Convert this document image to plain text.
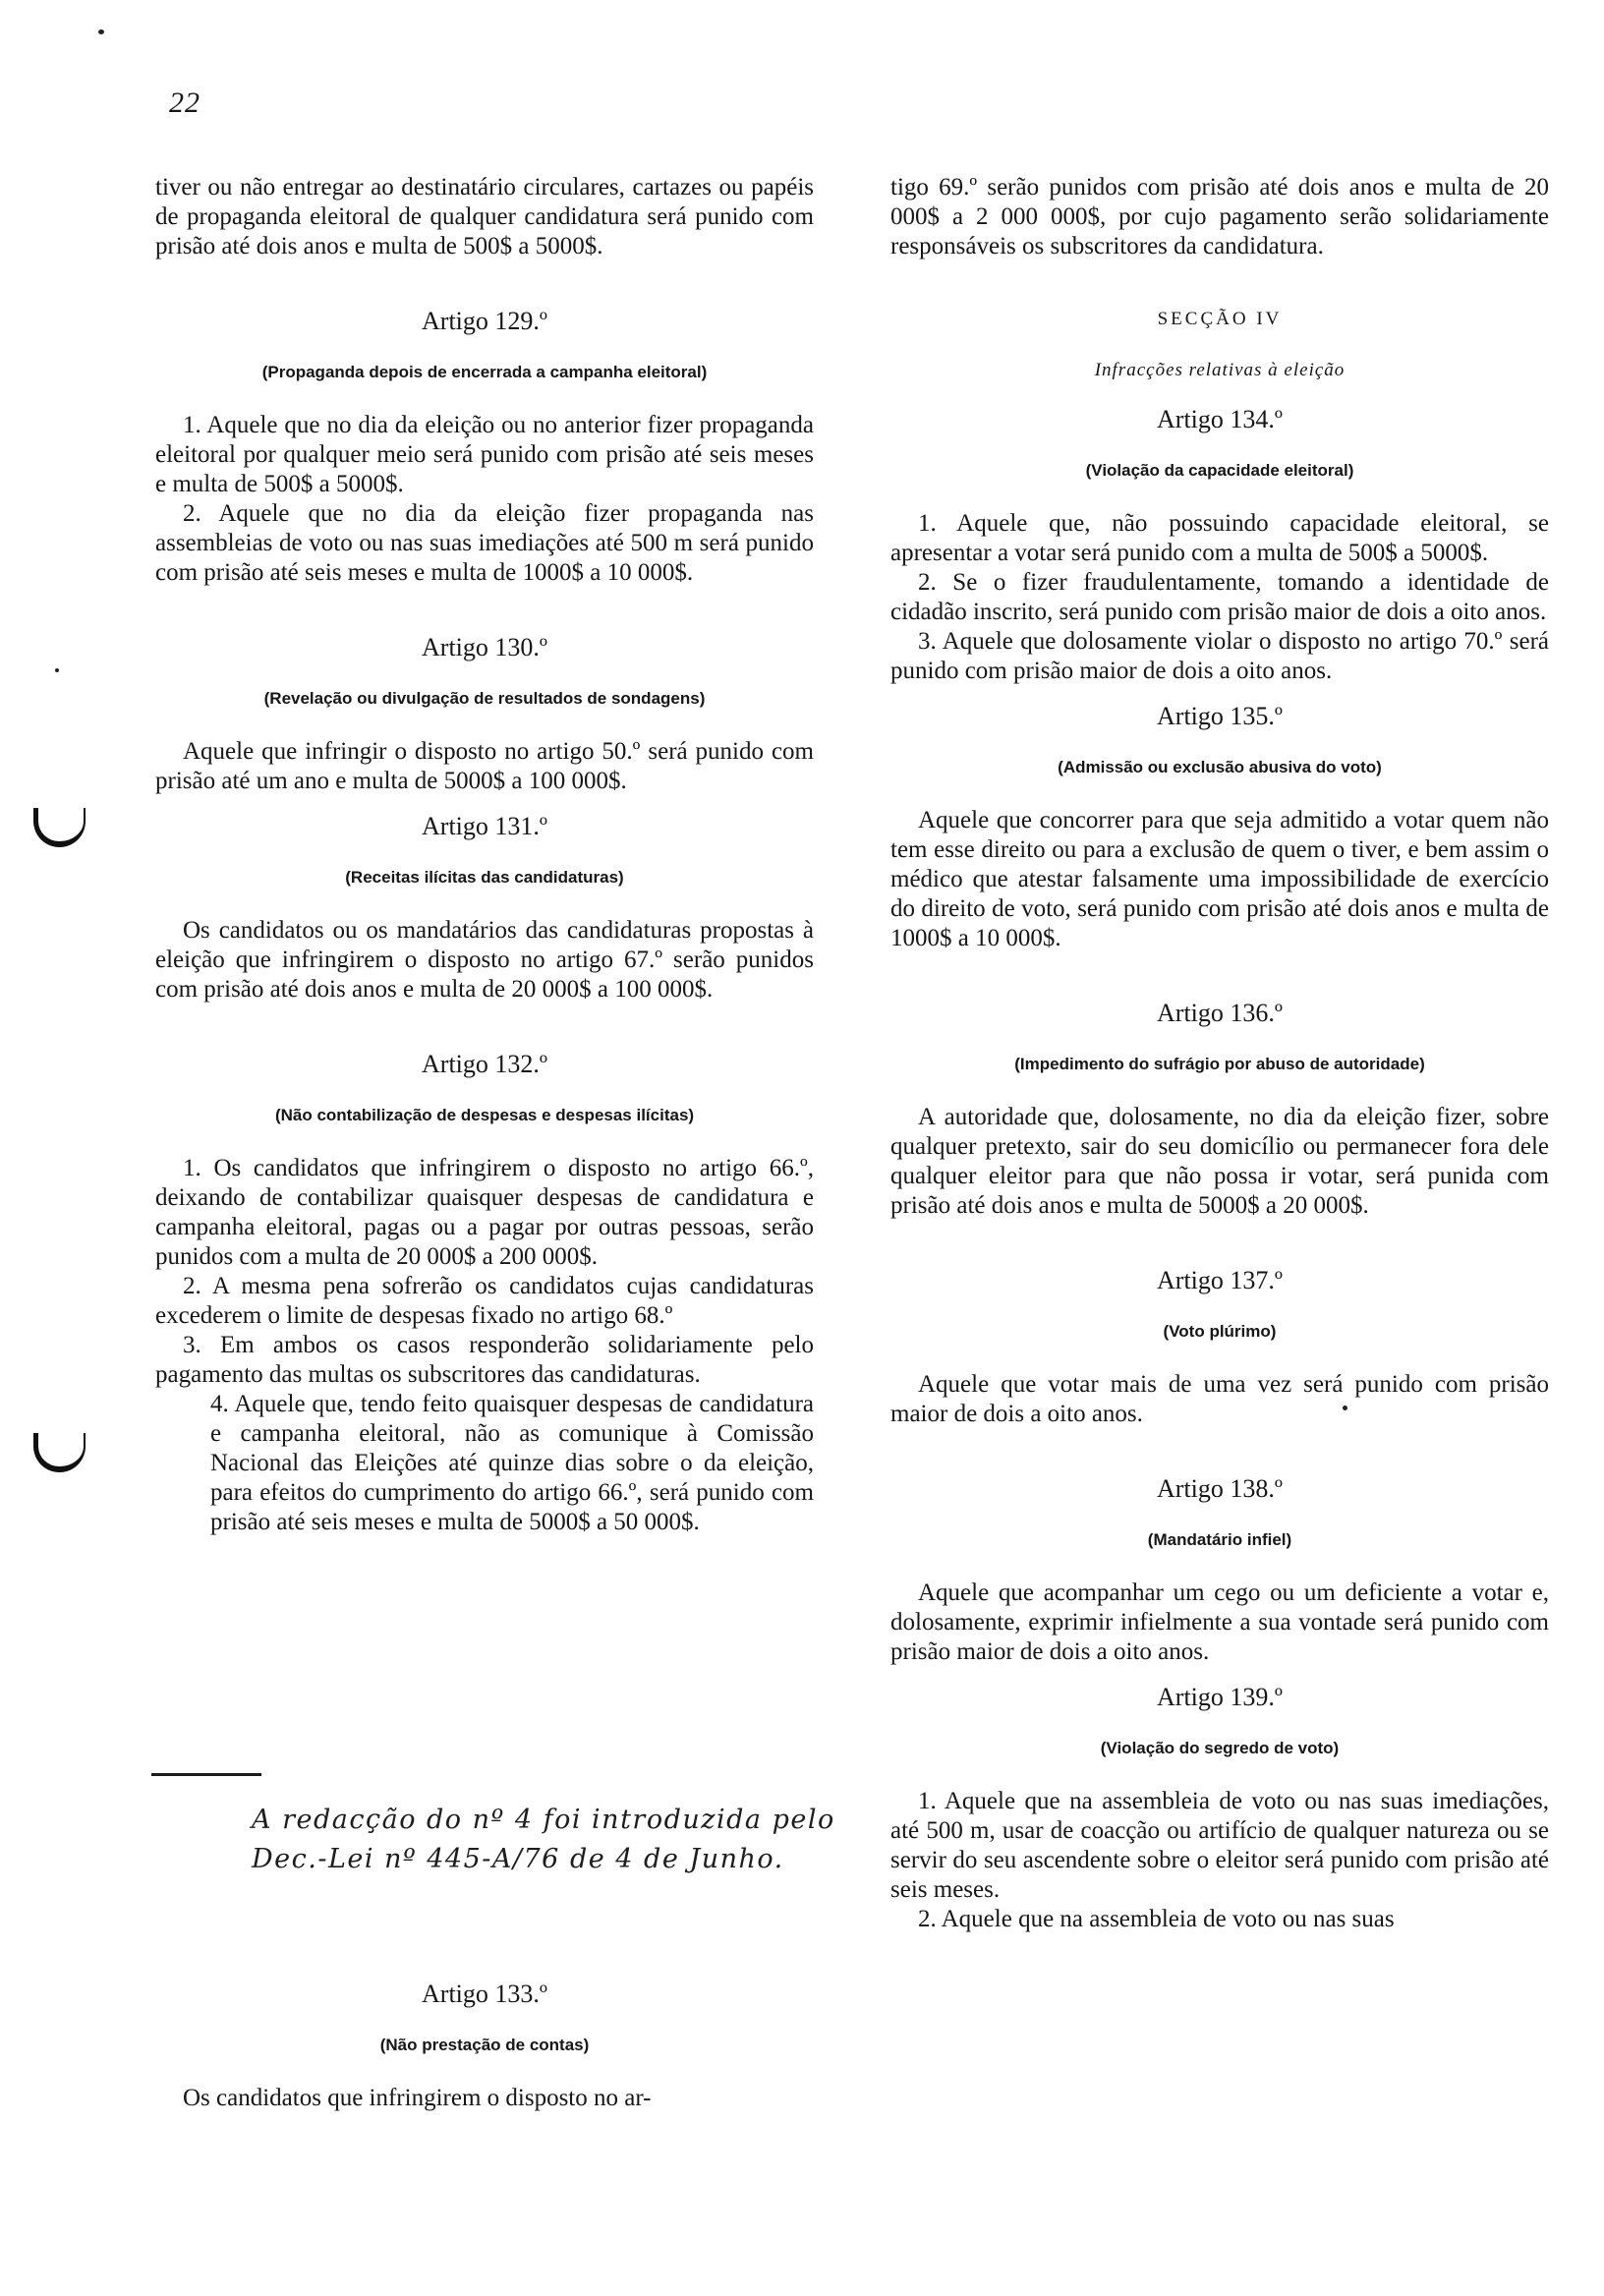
22

tiver ou não entregar ao destinatário circulares, cartazes ou papéis de propaganda eleitoral de qualquer candidatura será punido com prisão até dois anos e multa de 500$ a 5000$.

Artigo 129.º
(Propaganda depois de encerrada a campanha eleitoral)

1. Aquele que no dia da eleição ou no anterior fizer propaganda eleitoral por qualquer meio será punido com prisão até seis meses e multa de 500$ a 5000$.

2. Aquele que no dia da eleição fizer propaganda nas assembleias de voto ou nas suas imediações até 500 m será punido com prisão até seis meses e multa de 1000$ a 10 000$.

Artigo 130.º
(Revelação ou divulgação de resultados de sondagens)

Aquele que infringir o disposto no artigo 50.º será punido com prisão até um ano e multa de 5000$ a 100 000$.

Artigo 131.º
(Receitas ilícitas das candidaturas)

Os candidatos ou os mandatários das candidaturas propostas à eleição que infringirem o disposto no artigo 67.º serão punidos com prisão até dois anos e multa de 20 000$ a 100 000$.

Artigo 132.º
(Não contabilização de despesas e despesas ilícitas)

1. Os candidatos que infringirem o disposto no artigo 66.º, deixando de contabilizar quaisquer despesas de candidatura e campanha eleitoral, pagas ou a pagar por outras pessoas, serão punidos com a multa de 20 000$ a 200 000$.

2. A mesma pena sofrerão os candidatos cujas candidaturas excederem o limite de despesas fixado no artigo 68.º

3. Em ambos os casos responderão solidariamente pelo pagamento das multas os subscritores das candidaturas.

4. Aquele que, tendo feito quaisquer despesas de candidatura e campanha eleitoral, não as comunique à Comissão Nacional das Eleições até quinze dias sobre o da eleição, para efeitos do cumprimento do artigo 66.º, será punido com prisão até seis meses e multa de 5000$ a 50 000$.

A redacção do nº 4 foi introduzida pelo Dec.-Lei nº 445-A/76 de 4 de Junho.
Artigo 133.º
(Não prestação de contas)

Os candidatos que infringirem o disposto no ar-

tigo 69.º serão punidos com prisão até dois anos e multa de 20 000$ a 2 000 000$, por cujo pagamento serão solidariamente responsáveis os subscritores da candidatura.

SECÇÃO IV
Infracções relativas à eleição
Artigo 134.º
(Violação da capacidade eleitoral)

1. Aquele que, não possuindo capacidade eleitoral, se apresentar a votar será punido com a multa de 500$ a 5000$.

2. Se o fizer fraudulentamente, tomando a identidade de cidadão inscrito, será punido com prisão maior de dois a oito anos.

3. Aquele que dolosamente violar o disposto no artigo 70.º será punido com prisão maior de dois a oito anos.

Artigo 135.º
(Admissão ou exclusão abusiva do voto)

Aquele que concorrer para que seja admitido a votar quem não tem esse direito ou para a exclusão de quem o tiver, e bem assim o médico que atestar falsamente uma impossibilidade de exercício do direito de voto, será punido com prisão até dois anos e multa de 1000$ a 10 000$.

Artigo 136.º
(Impedimento do sufrágio por abuso de autoridade)

A autoridade que, dolosamente, no dia da eleição fizer, sobre qualquer pretexto, sair do seu domicílio ou permanecer fora dele qualquer eleitor para que não possa ir votar, será punida com prisão até dois anos e multa de 5000$ a 20 000$.

Artigo 137.º
(Voto plúrimo)

Aquele que votar mais de uma vez será punido com prisão maior de dois a oito anos.

Artigo 138.º
(Mandatário infiel)

Aquele que acompanhar um cego ou um deficiente a votar e, dolosamente, exprimir infielmente a sua vontade será punido com prisão maior de dois a oito anos.

Artigo 139.º
(Violação do segredo de voto)

1. Aquele que na assembleia de voto ou nas suas imediações, até 500 m, usar de coacção ou artifício de qualquer natureza ou se servir do seu ascendente sobre o eleitor será punido com prisão até seis meses.

2. Aquele que na assembleia de voto ou nas suas
